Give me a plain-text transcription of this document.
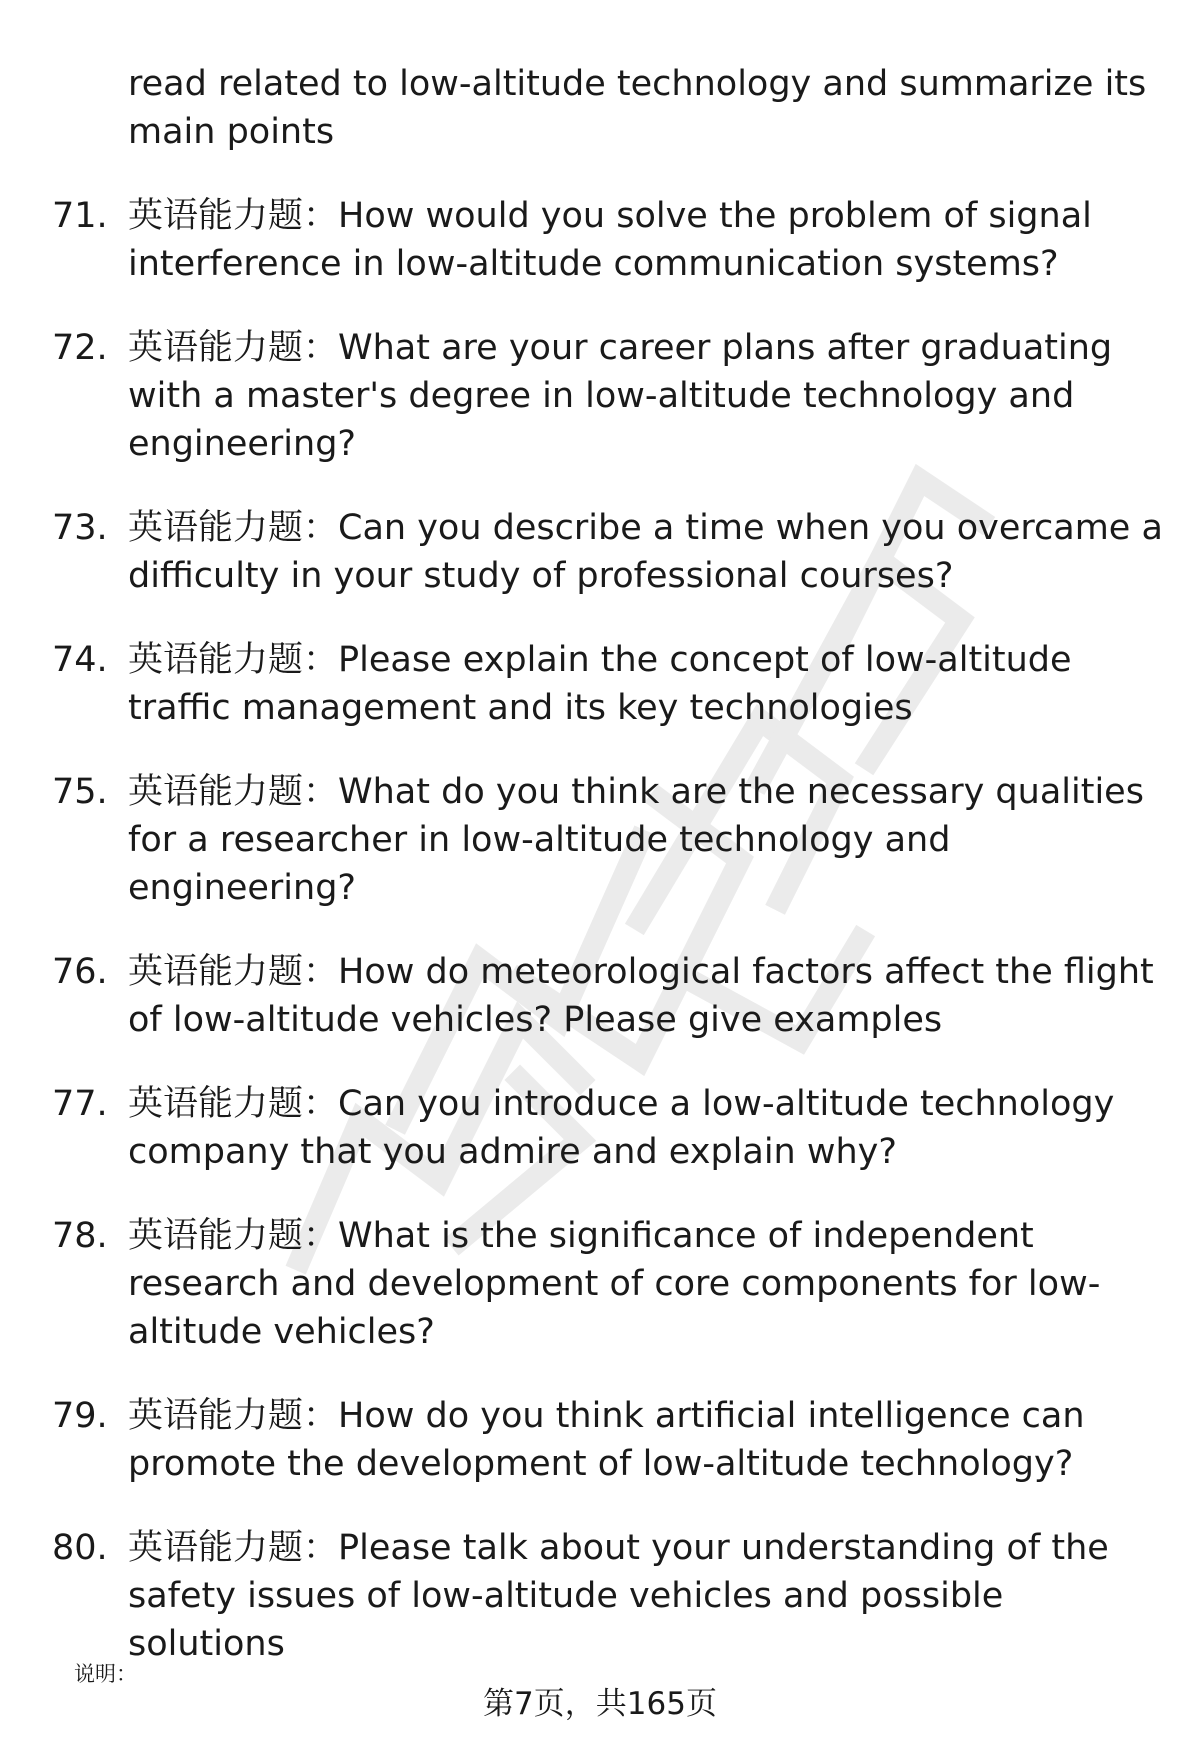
read related to low-altitude technology and summarize its main points
71. 英语能力题：How would you solve the problem of signal interference in low-altitude communication systems?
72. 英语能力题：What are your career plans after graduating with a master's degree in low-altitude technology and engineering?
73. 英语能力题：Can you describe a time when you overcame a difficulty in your study of professional courses?
74. 英语能力题：Please explain the concept of low-altitude traffic management and its key technologies
75. 英语能力题：What do you think are the necessary qualities for a researcher in low-altitude technology and engineering?
76. 英语能力题：How do meteorological factors affect the flight of low-altitude vehicles? Please give examples
77. 英语能力题：Can you introduce a low-altitude technology company that you admire and explain why?
78. 英语能力题：What is the significance of independent research and development of core components for low-altitude vehicles?
79. 英语能力题：How do you think artificial intelligence can promote the development of low-altitude technology?
80. 英语能力题：Please talk about your understanding of the safety issues of low-altitude vehicles and possible solutions
说明：
第7页，共165页
